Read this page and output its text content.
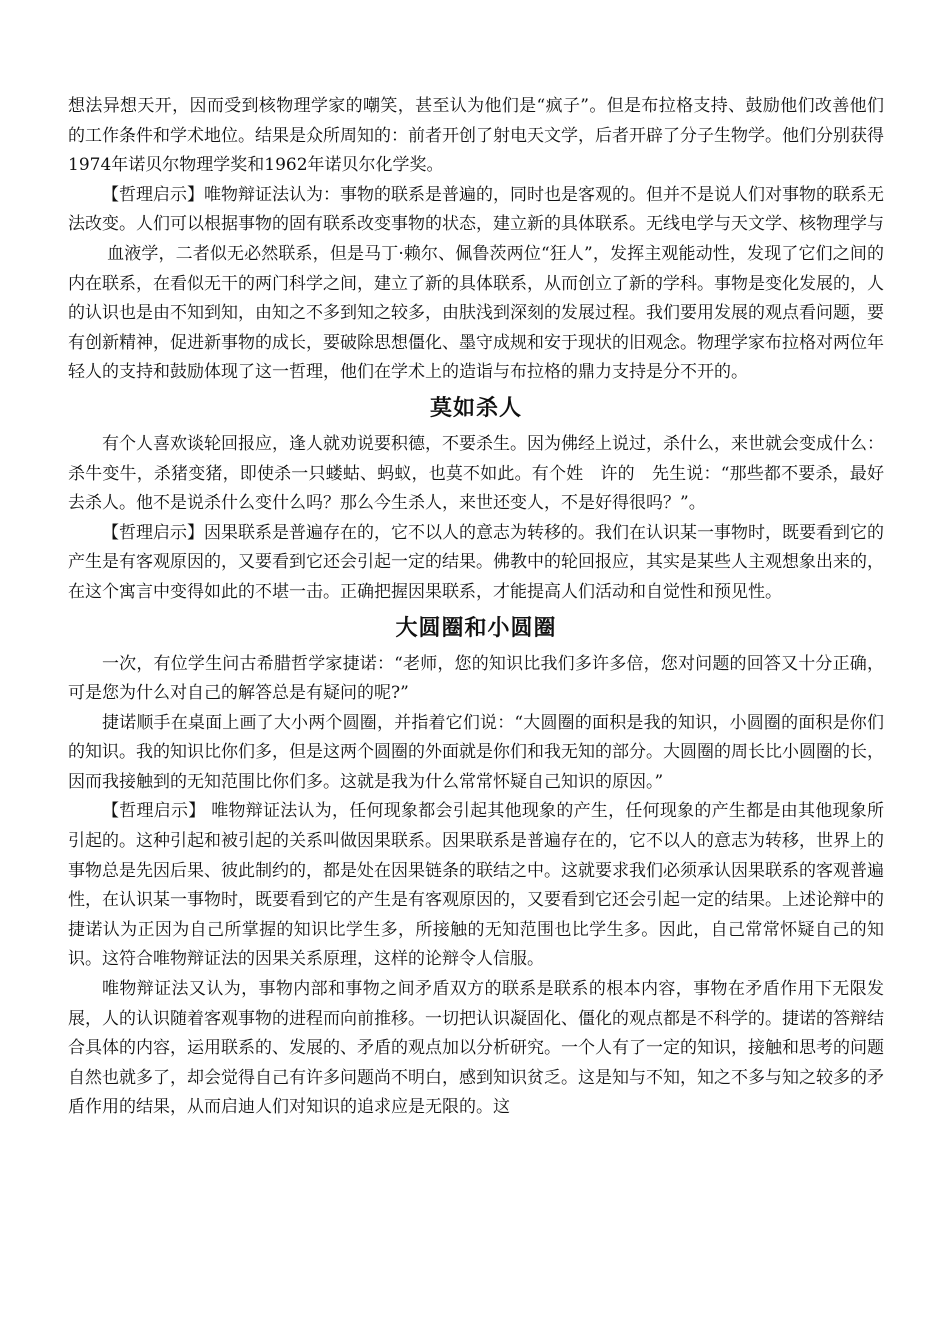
想法异想天开，因而受到核物理学家的嘲笑，甚至认为他们是“疯子”。但是布拉格支持、鼓励他们改善他们的工作条件和学术地位。结果是众所周知的：前者开创了射电天文学，后者开辟了分子生物学。他们分别获得1974年诺贝尔物理学奖和1962年诺贝尔化学奖。

【哲理启示】唯物辩证法认为：事物的联系是普遍的，同时也是客观的。但并不是说人们对事物的联系无法改变。人们可以根据事物的固有联系改变事物的状态，建立新的具体联系。无线电学与天文学、核物理学与

血液学，二者似无必然联系，但是马丁·赖尔、佩鲁茨两位“狂人”，发挥主观能动性，发现了它们之间的内在联系，在看似无干的两门科学之间，建立了新的具体联系，从而创立了新的学科。事物是变化发展的，人的认识也是由不知到知，由知之不多到知之较多，由肤浅到深刻的发展过程。我们要用发展的观点看问题，要有创新精神，促进新事物的成长，要破除思想僵化、墨守成规和安于现状的旧观念。物理学家布拉格对两位年轻人的支持和鼓励体现了这一哲理，他们在学术上的造诣与布拉格的鼎力支持是分不开的。

莫如杀人

有个人喜欢谈轮回报应，逢人就劝说要积德，不要杀生。因为佛经上说过，杀什么，来世就会变成什么：杀牛变牛，杀猪变猪，即使杀一只蝼蛄、蚂蚁，也莫不如此。有个姓　许的　先生说：“那些都不要杀，最好去杀人。他不是说杀什么变什么吗？那么今生杀人，来世还变人，不是好得很吗？”。

【哲理启示】因果联系是普遍存在的，它不以人的意志为转移的。我们在认识某一事物时，既要看到它的产生是有客观原因的，又要看到它还会引起一定的结果。佛教中的轮回报应，其实是某些人主观想象出来的，在这个寓言中变得如此的不堪一击。正确把握因果联系，才能提高人们活动和自觉性和预见性。

大圆圈和小圆圈

一次，有位学生问古希腊哲学家捷诺：“老师，您的知识比我们多许多倍，您对问题的回答又十分正确，可是您为什么对自己的解答总是有疑问的呢?”

捷诺顺手在桌面上画了大小两个圆圈，并指着它们说：“大圆圈的面积是我的知识，小圆圈的面积是你们的知识。我的知识比你们多，但是这两个圆圈的外面就是你们和我无知的部分。大圆圈的周长比小圆圈的长，因而我接触到的无知范围比你们多。这就是我为什么常常怀疑自己知识的原因。”

【哲理启示】 唯物辩证法认为，任何现象都会引起其他现象的产生，任何现象的产生都是由其他现象所引起的。这种引起和被引起的关系叫做因果联系。因果联系是普遍存在的，它不以人的意志为转移，世界上的事物总是先因后果、彼此制约的，都是处在因果链条的联结之中。这就要求我们必须承认因果联系的客观普遍性，在认识某一事物时，既要看到它的产生是有客观原因的，又要看到它还会引起一定的结果。上述论辩中的捷诺认为正因为自己所掌握的知识比学生多，所接触的无知范围也比学生多。因此，自己常常怀疑自己的知识。这符合唯物辩证法的因果关系原理，这样的论辩令人信服。

唯物辩证法又认为，事物内部和事物之间矛盾双方的联系是联系的根本内容，事物在矛盾作用下无限发展，人的认识随着客观事物的进程而向前推移。一切把认识凝固化、僵化的观点都是不科学的。捷诺的答辩结合具体的内容，运用联系的、发展的、矛盾的观点加以分析研究。一个人有了一定的知识，接触和思考的问题自然也就多了，却会觉得自己有许多问题尚不明白，感到知识贫乏。这是知与不知，知之不多与知之较多的矛盾作用的结果，从而启迪人们对知识的追求应是无限的。这
